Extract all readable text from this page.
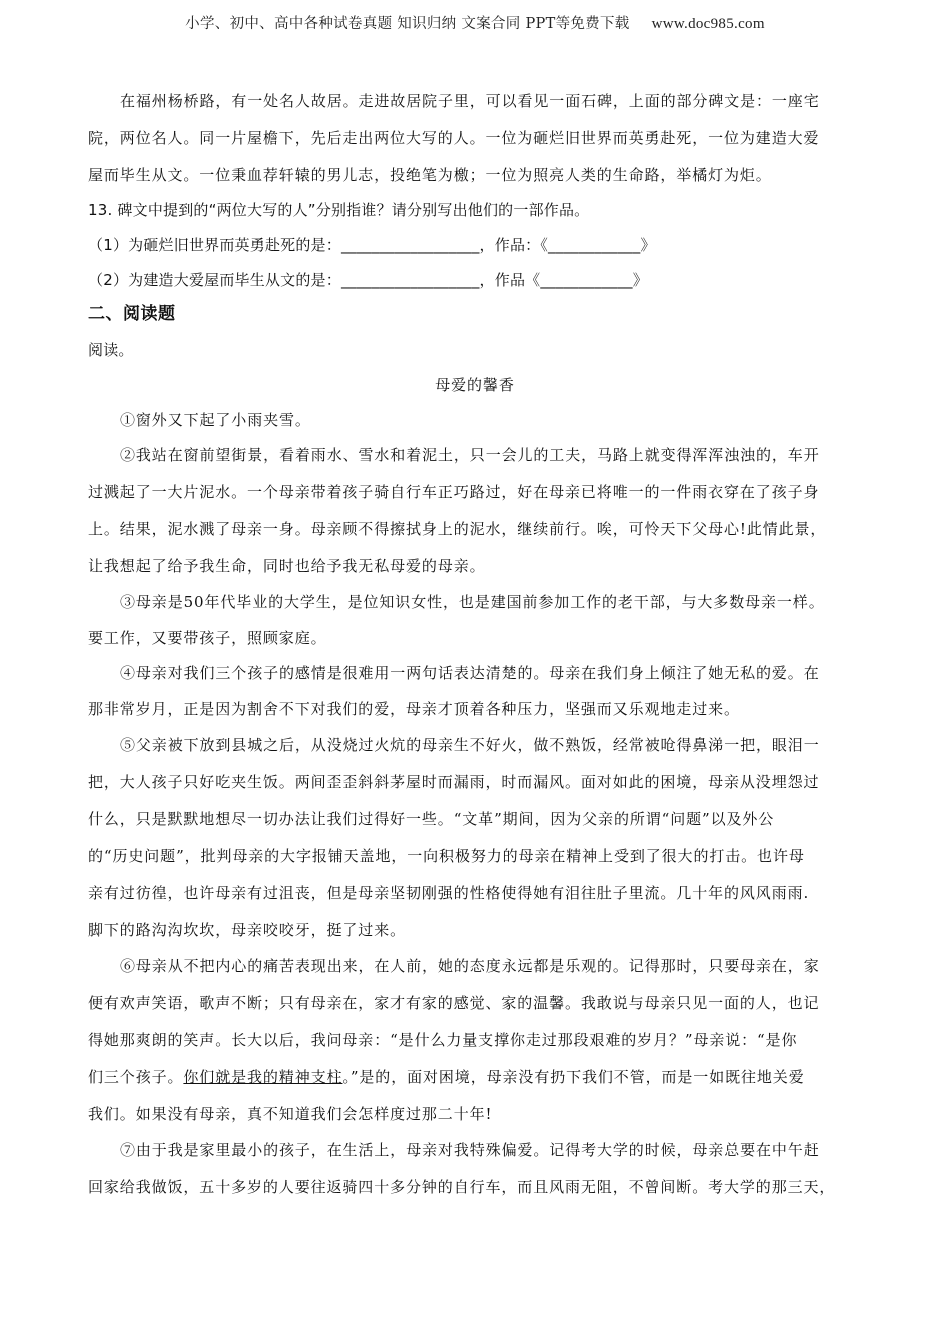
小学、初中、高中各种试卷真题 知识归纳 文案合同 PPT等免费下载 www.doc985.com
在福州杨桥路，有一处名人故居。走进故居院子里，可以看见一面石碑，上面的部分碑文是：一座宅
院，两位名人。同一片屋檐下，先后走出两位大写的人。一位为砸烂旧世界而英勇赴死，一位为建造大爱
屋而毕生从文。一位秉血荐轩辕的男儿志，投绝笔为檄；一位为照亮人类的生命路，举橘灯为炬。
13. 碑文中提到的“两位大写的人”分别指谁？请分别写出他们的一部作品。
（1）为砸烂旧世界而英勇赴死的是：__________________，作品：《____________》
（2）为建造大爱屋而毕生从文的是：__________________，作品《____________》
二、阅读题
阅读。
母爱的馨香
①窗外又下起了小雨夹雪。
②我站在窗前望街景，看着雨水、雪水和着泥土，只一会儿的工夫，马路上就变得浑浑浊浊的，车开
过溅起了一大片泥水。一个母亲带着孩子骑自行车正巧路过，好在母亲已将唯一的一件雨衣穿在了孩子身
上。结果，泥水溅了母亲一身。母亲顾不得擦拭身上的泥水，继续前行。唉，可怜天下父母心!此情此景，
让我想起了给予我生命，同时也给予我无私母爱的母亲。
③母亲是50年代毕业的大学生，是位知识女性，也是建国前参加工作的老干部，与大多数母亲一样。
要工作，又要带孩子，照顾家庭。
④母亲对我们三个孩子的感情是很难用一两句话表达清楚的。母亲在我们身上倾注了她无私的爱。在
那非常岁月，正是因为割舍不下对我们的爱，母亲才顶着各种压力，坚强而又乐观地走过来。
⑤父亲被下放到县城之后，从没烧过火炕的母亲生不好火，做不熟饭，经常被呛得鼻涕一把，眼泪一
把，大人孩子只好吃夹生饭。两间歪歪斜斜茅屋时而漏雨，时而漏风。面对如此的困境，母亲从没埋怨过
什么，只是默默地想尽一切办法让我们过得好一些。“文革”期间，因为父亲的所谓“问题”以及外公
的“历史问题”，批判母亲的大字报铺天盖地，一向积极努力的母亲在精神上受到了很大的打击。也许母
亲有过彷徨，也许母亲有过沮丧，但是母亲坚韧刚强的性格使得她有泪往肚子里流。几十年的风风雨雨.
脚下的路沟沟坎坎，母亲咬咬牙，挺了过来。
⑥母亲从不把内心的痛苦表现出来，在人前，她的态度永远都是乐观的。记得那时，只要母亲在，家
便有欢声笑语，歌声不断；只有母亲在，家才有家的感觉、家的温馨。我敢说与母亲只见一面的人，也记
得她那爽朗的笑声。长大以后，我问母亲：“是什么力量支撑你走过那段艰难的岁月？”母亲说：“是你
们三个孩子。你们就是我的精神支柱。”是的，面对困境，母亲没有扔下我们不管，而是一如既往地关爱
我们。如果没有母亲，真不知道我们会怎样度过那二十年!
⑦由于我是家里最小的孩子，在生活上，母亲对我特殊偏爱。记得考大学的时候，母亲总要在中午赶
回家给我做饭，五十多岁的人要往返骑四十多分钟的自行车，而且风雨无阻，不曾间断。考大学的那三天，
